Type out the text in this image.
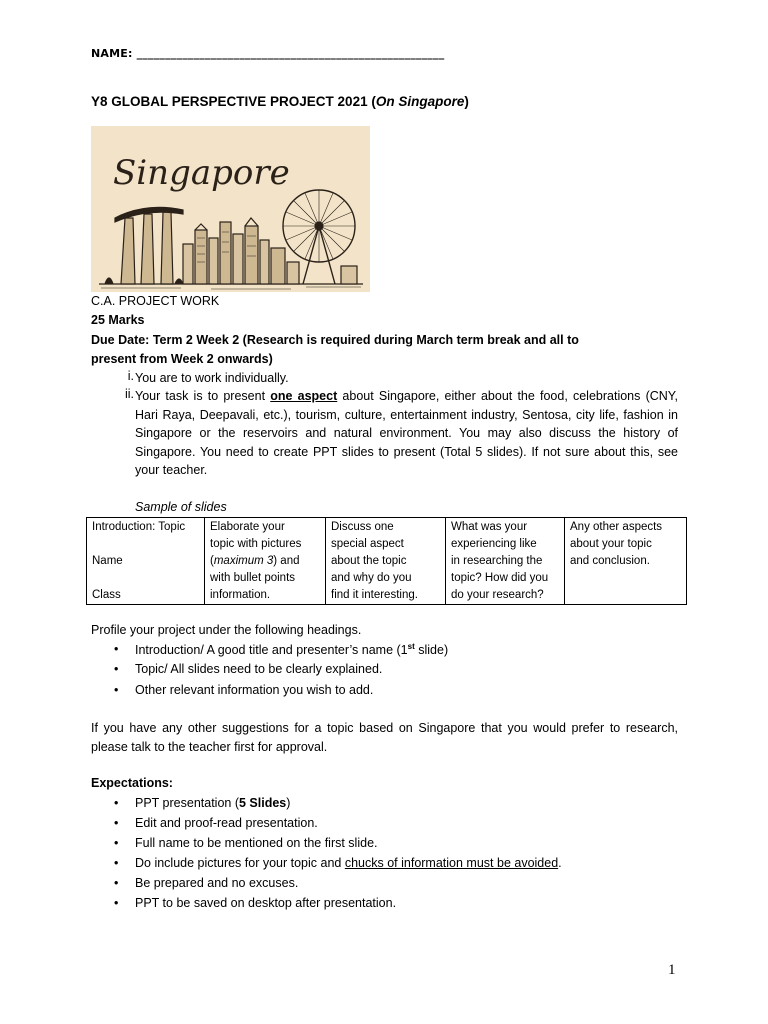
NAME: ______________________________________________________
Y8 GLOBAL PERSPECTIVE PROJECT 2021 (On Singapore)
Singapore
C.A. PROJECT WORK
25 Marks
Due Date: Term 2 Week 2 (Research is required during March term break and all to
present from Week 2 onwards)
i. You are to work individually.
ii. Your task is to present one aspect about Singapore, either about the food, celebrations (CNY, Hari Raya, Deepavali, etc.), tourism, culture, entertainment industry, Sentosa, city life, fashion in Singapore or the reservoirs and natural environment. You may also discuss the history of Singapore. You need to create PPT slides to present (Total 5 slides). If not sure about this, see your teacher.
Sample of slides
Introduction: Topic
Name
Class

Elaborate your
topic with pictures
(maximum 3) and
with bullet points
information.

Discuss one
special aspect
about the topic
and why do you
find it interesting.

What was your
experiencing like
in researching the
topic? How did you
do your research?

Any other aspects
about your topic
and conclusion.
Profile your project under the following headings.
• Introduction/ A good title and presenter’s name (1st slide)
• Topic/ All slides need to be clearly explained.
• Other relevant information you wish to add.
If you have any other suggestions for a topic based on Singapore that you would prefer to research, please talk to the teacher first for approval.
Expectations:
• PPT presentation (5 Slides)
• Edit and proof-read presentation.
• Full name to be mentioned on the first slide.
• Do include pictures for your topic and chucks of information must be avoided.
• Be prepared and no excuses.
• PPT to be saved on desktop after presentation.
1
